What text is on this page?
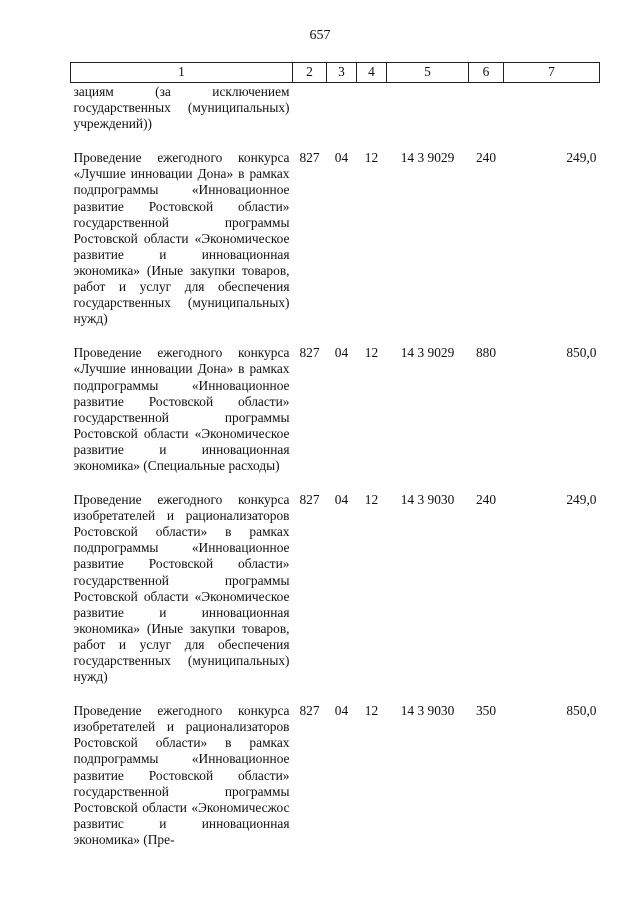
657
1	2	3	4	5	6	7
зациям (за исключением государственных (муниципальных) учреждений))						
Проведение ежегодного конкурса «Лучшие инновации Дона» в рамках подпрограммы «Инновационное развитие Ростовской области» государственной программы Ростовской области «Экономическое развитие и инновационная экономика» (Иные закупки товаров, работ и услуг для обеспечения государственных (муниципальных) нужд)	827	04	12	14 3 9029	240	249,0
Проведение ежегодного конкурса «Лучшие инновации Дона» в рамках подпрограммы «Инновационное развитие Ростовской области» государственной программы Ростовской области «Экономическое развитие и инновационная экономика» (Специальные расходы)	827	04	12	14 3 9029	880	850,0
Проведение ежегодного конкурса изобретателей и рационализаторов Ростовской области» в рамках подпрограммы «Инновационное развитие Ростовской области» государственной программы Ростовской области «Экономическое развитие и инновационная экономика» (Иные закупки товаров, работ и услуг для обеспечения государственных (муниципальных) нужд)	827	04	12	14 3 9030	240	249,0
Проведение ежегодного конкурса изобретателей и рационализаторов Ростовской области» в рамках подпрограммы «Инновационное развитие Ростовской области» государственной программы Ростовской области «Экономичесжос развитис и инновационная экономика» (Пре-	827	04	12	14 3 9030	350	850,0
